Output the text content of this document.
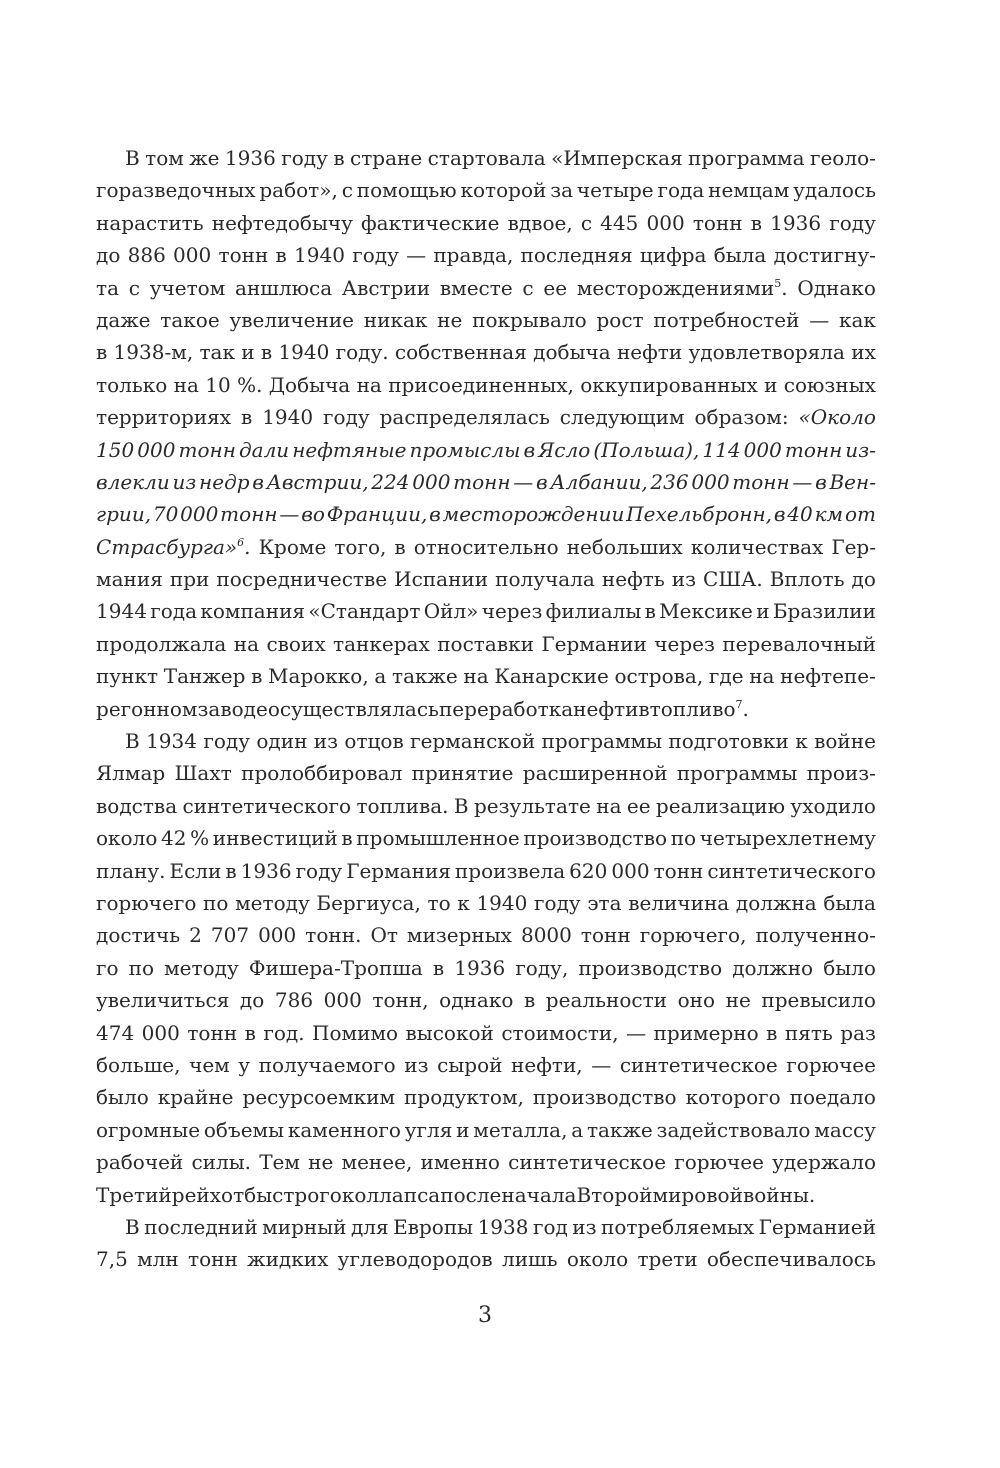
В том же 1936 году в стране стартовала «Имперская программа геоло-
горазведочных работ», с помощью которой за четыре года немцам удалось
нарастить нефтедобычу фактические вдвое, с 445 000 тонн в 1936 году
до 886 000 тонн в 1940 году — правда, последняя цифра была достигну-
та с учетом аншлюса Австрии вместе с ее месторождениями$^5$. Однако
даже такое увеличение никак не покрывало рост потребностей — как
в 1938-м, так и в 1940 году. собственная добыча нефти удовлетворяла их
только на 10 %. Добыча на присоединенных, оккупированных и союзных
территориях в 1940 году распределялась следующим образом: «Около
150 000 тонн дали нефтяные промыслы в Ясло (Польша), 114 000 тонн из-
влекли из недр в Австрии, 224 000 тонн — в Албании, 236 000 тонн — в Вен-
грии, 70 000 тонн — во Франции, в месторождении Пехельбронн, в 40 км от
Страсбурга»$^6$. Кроме того, в относительно небольших количествах Гер-
мания при посредничестве Испании получала нефть из США. Вплоть до
1944 года компания «Стандарт Ойл» через филиалы в Мексике и Бразилии
продолжала на своих танкерах поставки Германии через перевалочный
пункт Танжер в Марокко, а также на Канарские острова, где на нефтепе-
регонном заводе осуществлялась переработка нефти в топливо$^7$.
В 1934 году один из отцов германской программы подготовки к войне
Ялмар Шахт пролоббировал принятие расширенной программы произ-
водства синтетического топлива. В результате на ее реализацию уходило
около 42 % инвестиций в промышленное производство по четырехлетнему
плану. Если в 1936 году Германия произвела 620 000 тонн синтетического
горючего по методу Бергиуса, то к 1940 году эта величина должна была
достичь 2 707 000 тонн. От мизерных 8000 тонн горючего, полученно-
го по методу Фишера-Тропша в 1936 году, производство должно было
увеличиться до 786 000 тонн, однако в реальности оно не превысило
474 000 тонн в год. Помимо высокой стоимости, — примерно в пять раз
больше, чем у получаемого из сырой нефти, — синтетическое горючее
было крайне ресурсоемким продуктом, производство которого поедало
огромные объемы каменного угля и металла, а также задействовало массу
рабочей силы. Тем не менее, именно синтетическое горючее удержало
Третий рейх от быстрого коллапса после начала Второй мировой войны.
В последний мирный для Европы 1938 год из потребляемых Германией
7,5 млн тонн жидких углеводородов лишь около трети обеспечивалось
3
